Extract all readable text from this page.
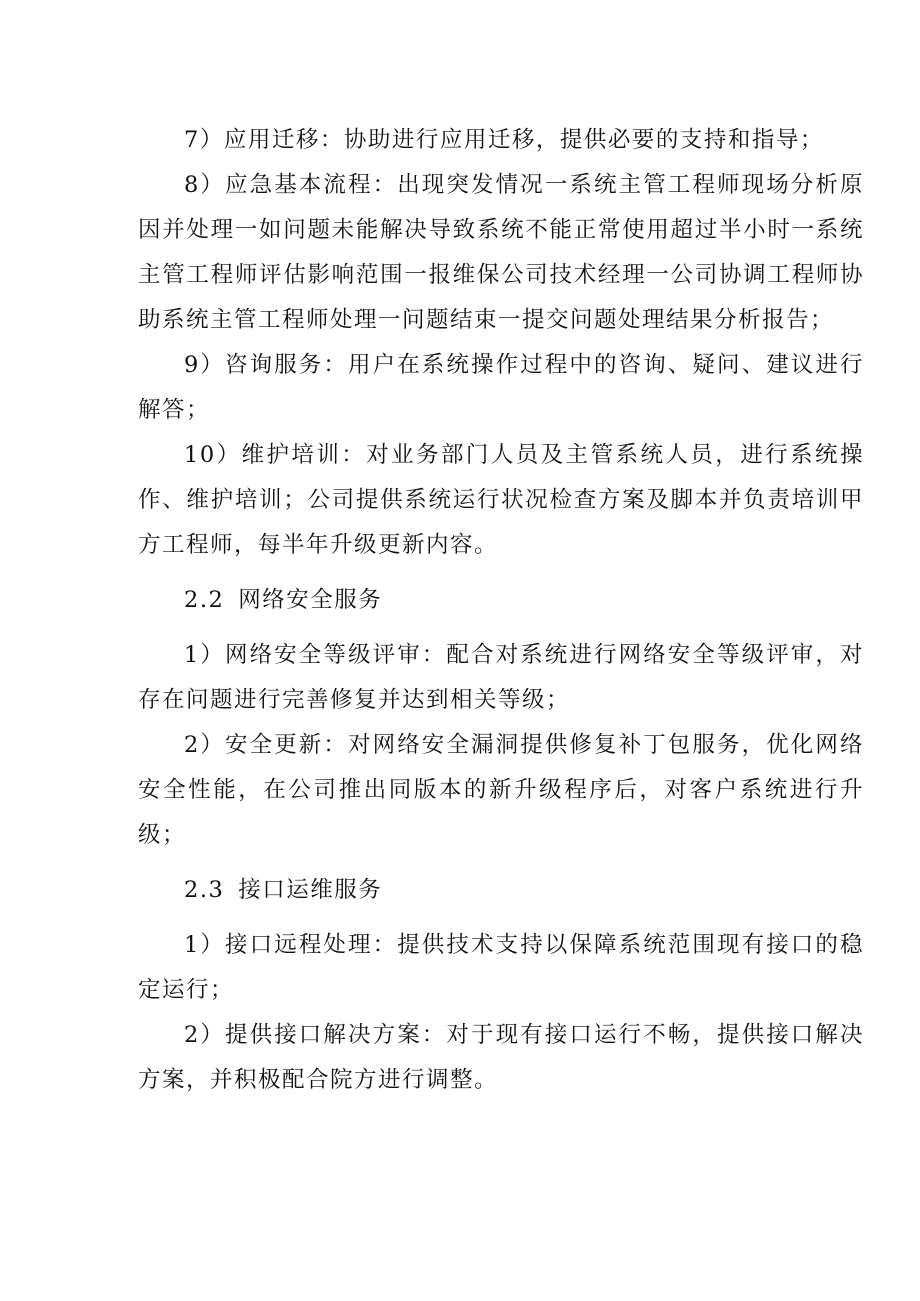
7）应用迁移：协助进行应用迁移，提供必要的支持和指导；

8）应急基本流程：出现突发情况一系统主管工程师现场分析原因并处理一如问题未能解决导致系统不能正常使用超过半小时一系统主管工程师评估影响范围一报维保公司技术经理一公司协调工程师协助系统主管工程师处理一问题结束一提交问题处理结果分析报告；

9）咨询服务：用户在系统操作过程中的咨询、疑问、建议进行解答；

10）维护培训：对业务部门人员及主管系统人员，进行系统操作、维护培训；公司提供系统运行状况检查方案及脚本并负责培训甲方工程师，每半年升级更新内容。

2.2 网络安全服务

1）网络安全等级评审：配合对系统进行网络安全等级评审，对存在问题进行完善修复并达到相关等级；

2）安全更新：对网络安全漏洞提供修复补丁包服务，优化网络安全性能，在公司推出同版本的新升级程序后，对客户系统进行升级；

2.3 接口运维服务

1）接口远程处理：提供技术支持以保障系统范围现有接口的稳定运行；

2）提供接口解决方案：对于现有接口运行不畅，提供接口解决方案，并积极配合院方进行调整。
